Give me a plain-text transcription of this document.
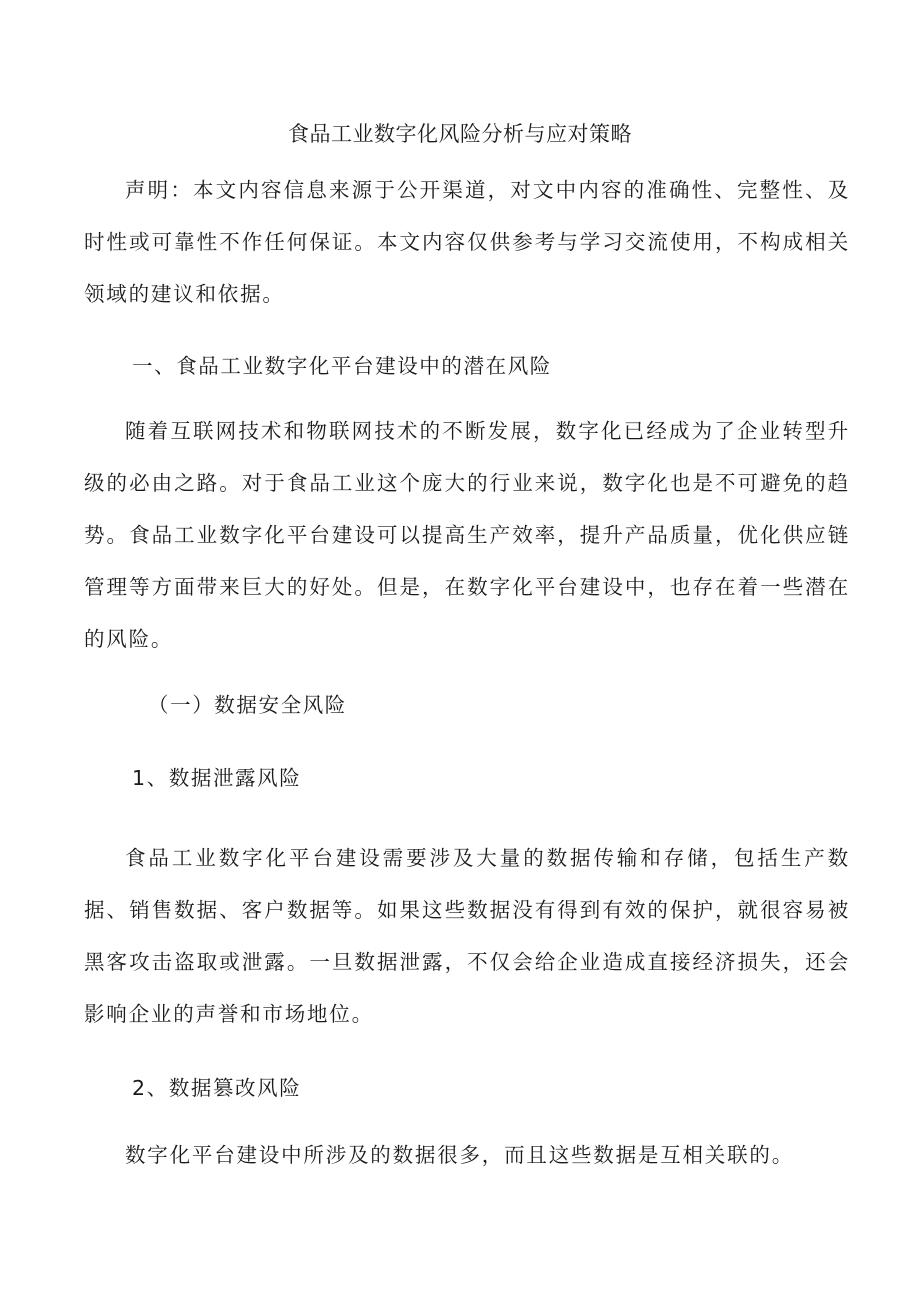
食品工业数字化风险分析与应对策略

声明：本文内容信息来源于公开渠道，对文中内容的准确性、完整性、及时性或可靠性不作任何保证。本文内容仅供参考与学习交流使用，不构成相关领域的建议和依据。

一、食品工业数字化平台建设中的潜在风险

随着互联网技术和物联网技术的不断发展，数字化已经成为了企业转型升级的必由之路。对于食品工业这个庞大的行业来说，数字化也是不可避免的趋势。食品工业数字化平台建设可以提高生产效率，提升产品质量，优化供应链管理等方面带来巨大的好处。但是，在数字化平台建设中，也存在着一些潜在的风险。

（一）数据安全风险
1、数据泄露风险

食品工业数字化平台建设需要涉及大量的数据传输和存储，包括生产数据、销售数据、客户数据等。如果这些数据没有得到有效的保护，就很容易被黑客攻击盗取或泄露。一旦数据泄露，不仅会给企业造成直接经济损失，还会影响企业的声誉和市场地位。

2、数据篡改风险

数字化平台建设中所涉及的数据很多，而且这些数据是互相关联的。
